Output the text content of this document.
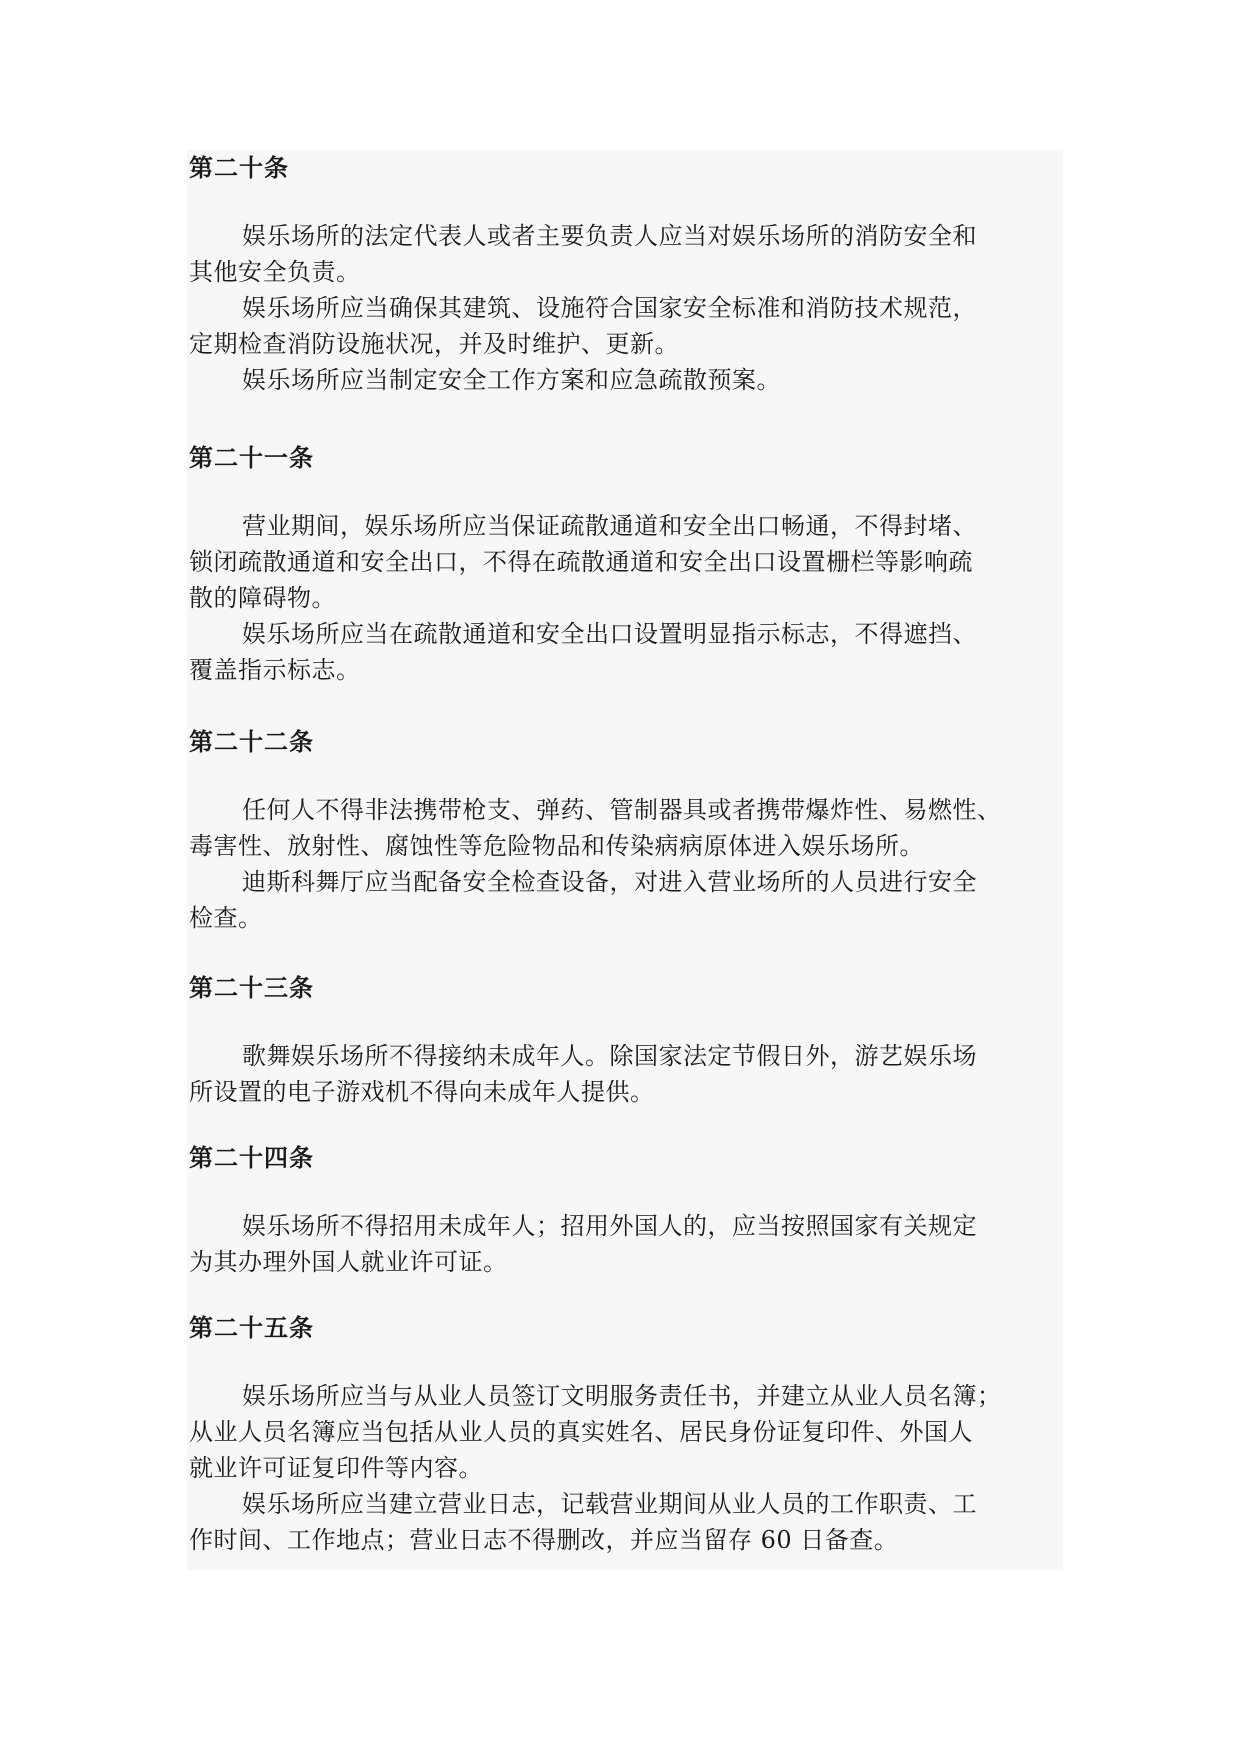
第二十条
娱乐场所的法定代表人或者主要负责人应当对娱乐场所的消防安全和
其他安全负责。
娱乐场所应当确保其建筑、设施符合国家安全标准和消防技术规范，
定期检查消防设施状况，并及时维护、更新。
娱乐场所应当制定安全工作方案和应急疏散预案。
第二十一条
营业期间，娱乐场所应当保证疏散通道和安全出口畅通，不得封堵、
锁闭疏散通道和安全出口，不得在疏散通道和安全出口设置栅栏等影响疏
散的障碍物。
娱乐场所应当在疏散通道和安全出口设置明显指示标志，不得遮挡、
覆盖指示标志。
第二十二条
任何人不得非法携带枪支、弹药、管制器具或者携带爆炸性、易燃性、
毒害性、放射性、腐蚀性等危险物品和传染病病原体进入娱乐场所。
迪斯科舞厅应当配备安全检查设备，对进入营业场所的人员进行安全
检查。
第二十三条
歌舞娱乐场所不得接纳未成年人。除国家法定节假日外，游艺娱乐场
所设置的电子游戏机不得向未成年人提供。
第二十四条
娱乐场所不得招用未成年人；招用外国人的，应当按照国家有关规定
为其办理外国人就业许可证。
第二十五条
娱乐场所应当与从业人员签订文明服务责任书，并建立从业人员名簿；
从业人员名簿应当包括从业人员的真实姓名、居民身份证复印件、外国人
就业许可证复印件等内容。
娱乐场所应当建立营业日志，记载营业期间从业人员的工作职责、工
作时间、工作地点；营业日志不得删改，并应当留存 60 日备查。
